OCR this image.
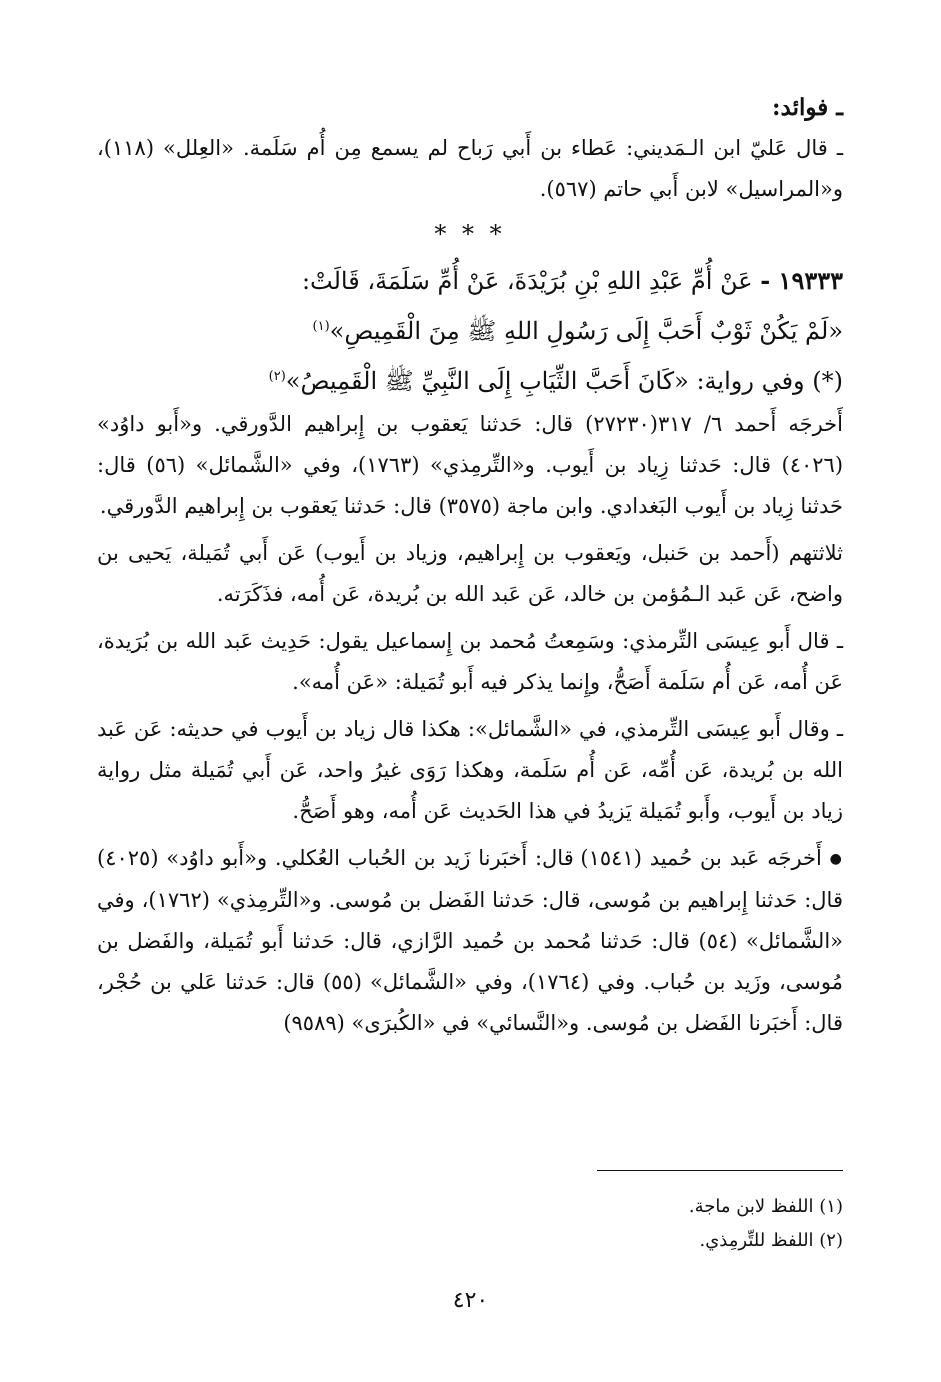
ـ فوائد:

ـ قال عَليّ ابن الـمَديني: عَطاء بن أَبي رَباح لم يسمع مِن أُم سَلَمة. «العِلل» (١١٨)، و«المراسيل» لابن أَبي حاتم (٥٦٧).

* * *

١٩٣٣٣ - عَنْ أُمِّ عَبْدِ اللهِ بْنِ بُرَيْدَةَ، عَنْ أُمِّ سَلَمَةَ، قَالَتْ:

«لَمْ يَكُنْ ثَوْبٌ أَحَبَّ إِلَى رَسُولِ اللهِ ﷺ مِنَ الْقَمِيصِ»$^{(١)}$

(*) وفي رواية: «كَانَ أَحَبَّ الثِّيَابِ إِلَى النَّبِيِّ ﷺ الْقَمِيصُ»$^{(٢)}$

أَخرجَه أَحمد ٦/ ٣١٧(٢٧٢٣٠) قال: حَدثنا يَعقوب بن إِبراهيم الدَّورقي. و«أَبو داوُد» (٤٠٢٦) قال: حَدثنا زِياد بن أَيوب. و«التِّرمِذي» (١٧٦٣)، وفي «الشَّمائل» (٥٦) قال: حَدثنا زِياد بن أَيوب البَغدادي. وابن ماجة (٣٥٧٥) قال: حَدثنا يَعقوب بن إِبراهيم الدَّورقي.

ثلاثتهم (أَحمد بن حَنبل، ويَعقوب بن إِبراهيم، وزياد بن أَيوب) عَن أَبي تُمَيلة، يَحيى بن واضح، عَن عَبد الـمُؤمن بن خالد، عَن عَبد الله بن بُريدة، عَن أُمه، فذَكَرَته.

ـ قال أَبو عِيسَى التِّرمذي: وسَمِعتُ مُحمد بن إِسماعيل يقول: حَدِيث عَبد الله بن بُرَيدة، عَن أُمه، عَن أُم سَلَمة أَصَحُّ، وإِنما يذكر فيه أَبو تُمَيلة: «عَن أُمه».

ـ وقال أَبو عِيسَى التِّرمذي، في «الشَّمائل»: هكذا قال زياد بن أَيوب في حديثه: عَن عَبد الله بن بُريدة، عَن أُمِّه، عَن أُم سَلَمة، وهكذا رَوَى غيرُ واحد، عَن أَبي تُمَيلة مثل رواية زياد بن أَيوب، وأَبو تُمَيلة يَزيدُ في هذا الحَديث عَن أُمه، وهو أَصَحُّ.

● أَخرجَه عَبد بن حُميد (١٥٤١) قال: أَخبَرنا زَيد بن الحُباب العُكلي. و«أَبو داوُد» (٤٠٢٥) قال: حَدثنا إِبراهيم بن مُوسى، قال: حَدثنا الفَضل بن مُوسى. و«التِّرمِذي» (١٧٦٢)، وفي «الشَّمائل» (٥٤) قال: حَدثنا مُحمد بن حُميد الرَّازي، قال: حَدثنا أَبو تُمَيلة، والفَضل بن مُوسى، وزَيد بن حُباب. وفي (١٧٦٤)، وفي «الشَّمائل» (٥٥) قال: حَدثنا عَلي بن حُجْر، قال: أَخبَرنا الفَضل بن مُوسى. و«النَّسائي» في «الكُبرَى» (٩٥٨٩)

(١) اللفظ لابن ماجة.

(٢) اللفظ للتِّرمِذي.

٤٢٠
